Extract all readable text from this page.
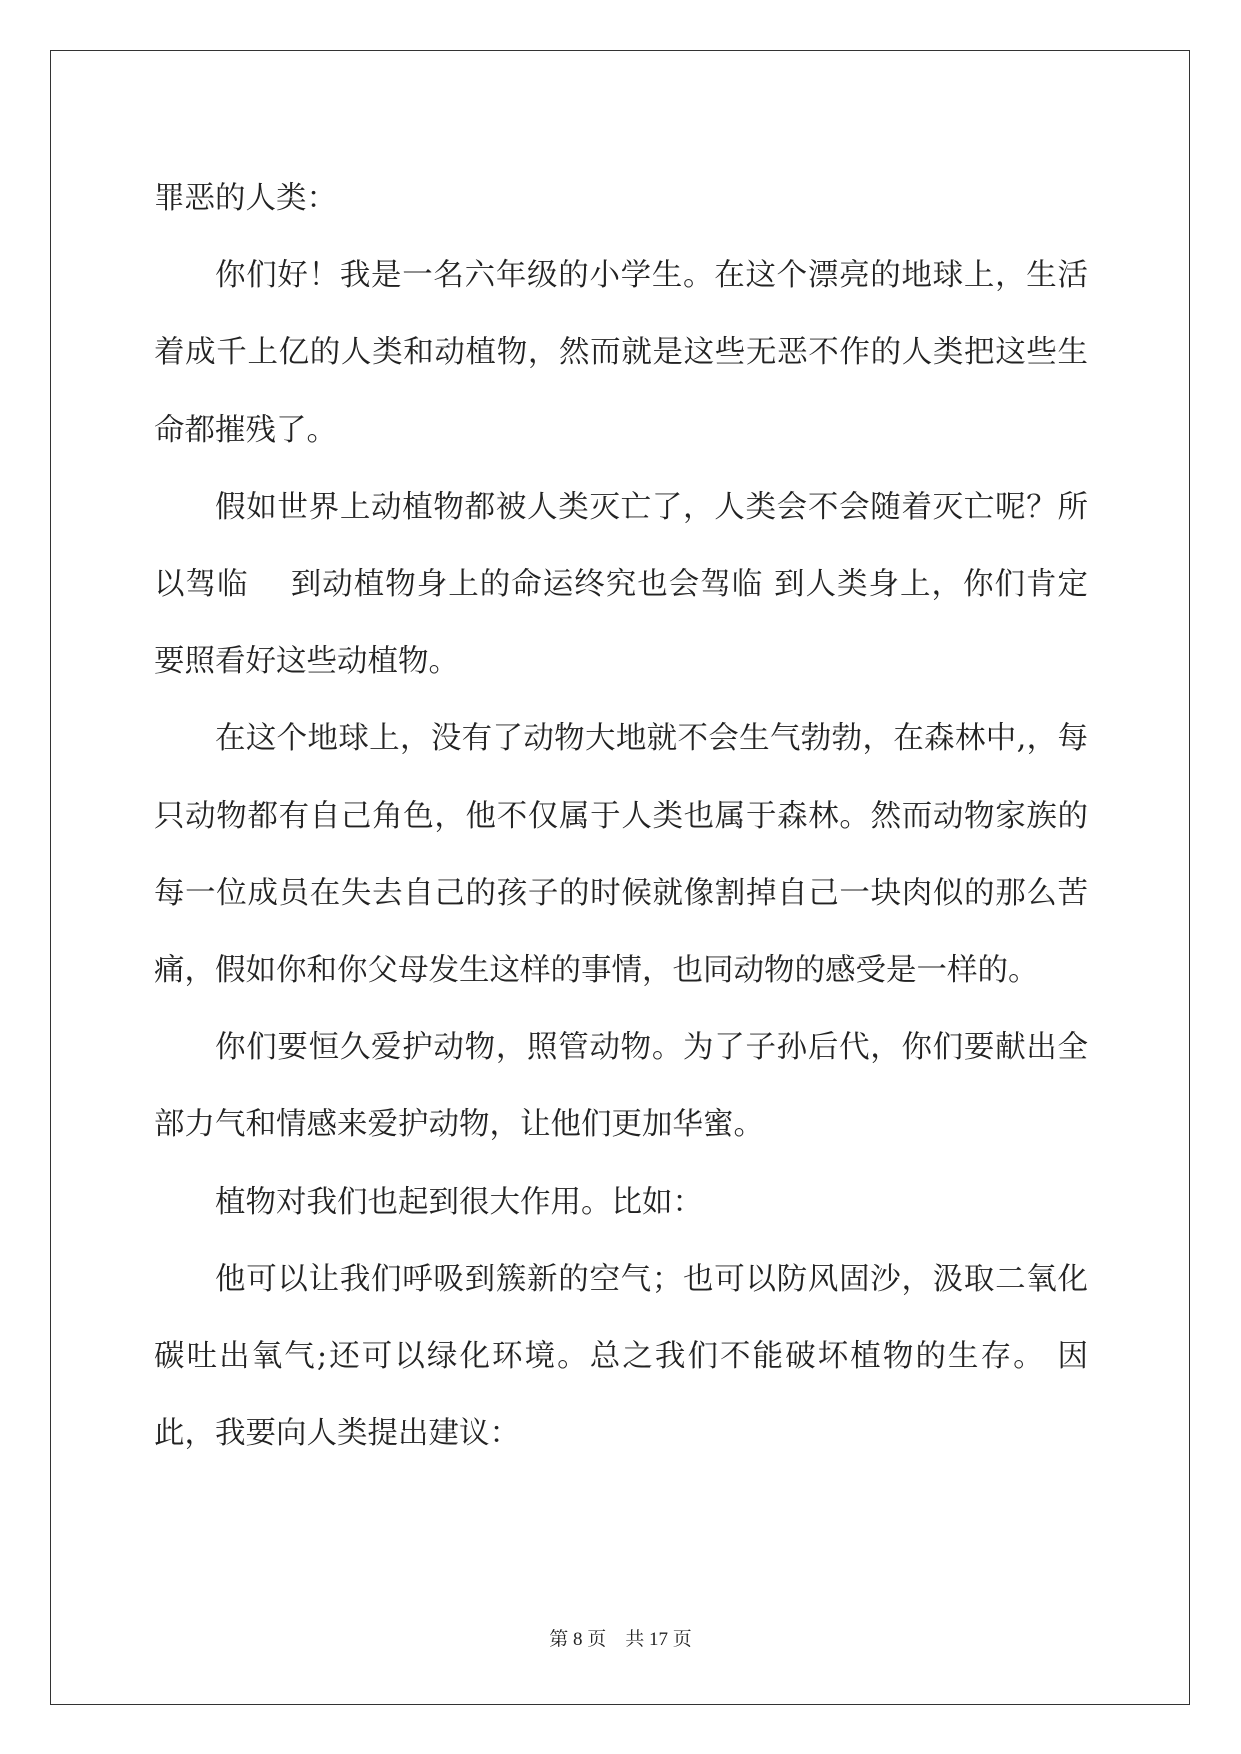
罪恶的人类：

你们好！我是一名六年级的小学生。在这个漂亮的地球上，生活着成千上亿的人类和动植物，然而就是这些无恶不作的人类把这些生命都摧残了。

假如世界上动植物都被人类灭亡了，人类会不会随着灭亡呢？所以驾临　 到动植物身上的命运终究也会驾临 到人类身上，你们肯定要照看好这些动植物。

在这个地球上，没有了动物大地就不会生气勃勃，在森林中,，每只动物都有自己角色，他不仅属于人类也属于森林。然而动物家族的每一位成员在失去自己的孩子的时候就像割掉自己一块肉似的那么苦痛，假如你和你父母发生这样的事情，也同动物的感受是一样的。

你们要恒久爱护动物，照管动物。为了子孙后代，你们要献出全部力气和情感来爱护动物，让他们更加华蜜。

植物对我们也起到很大作用。比如：

他可以让我们呼吸到簇新的空气；也可以防风固沙，汲取二氧化碳吐出氧气;还可以绿化环境。总之我们不能破坏植物的生存。 因此，我要向人类提出建议：

第 8 页　共 17 页
